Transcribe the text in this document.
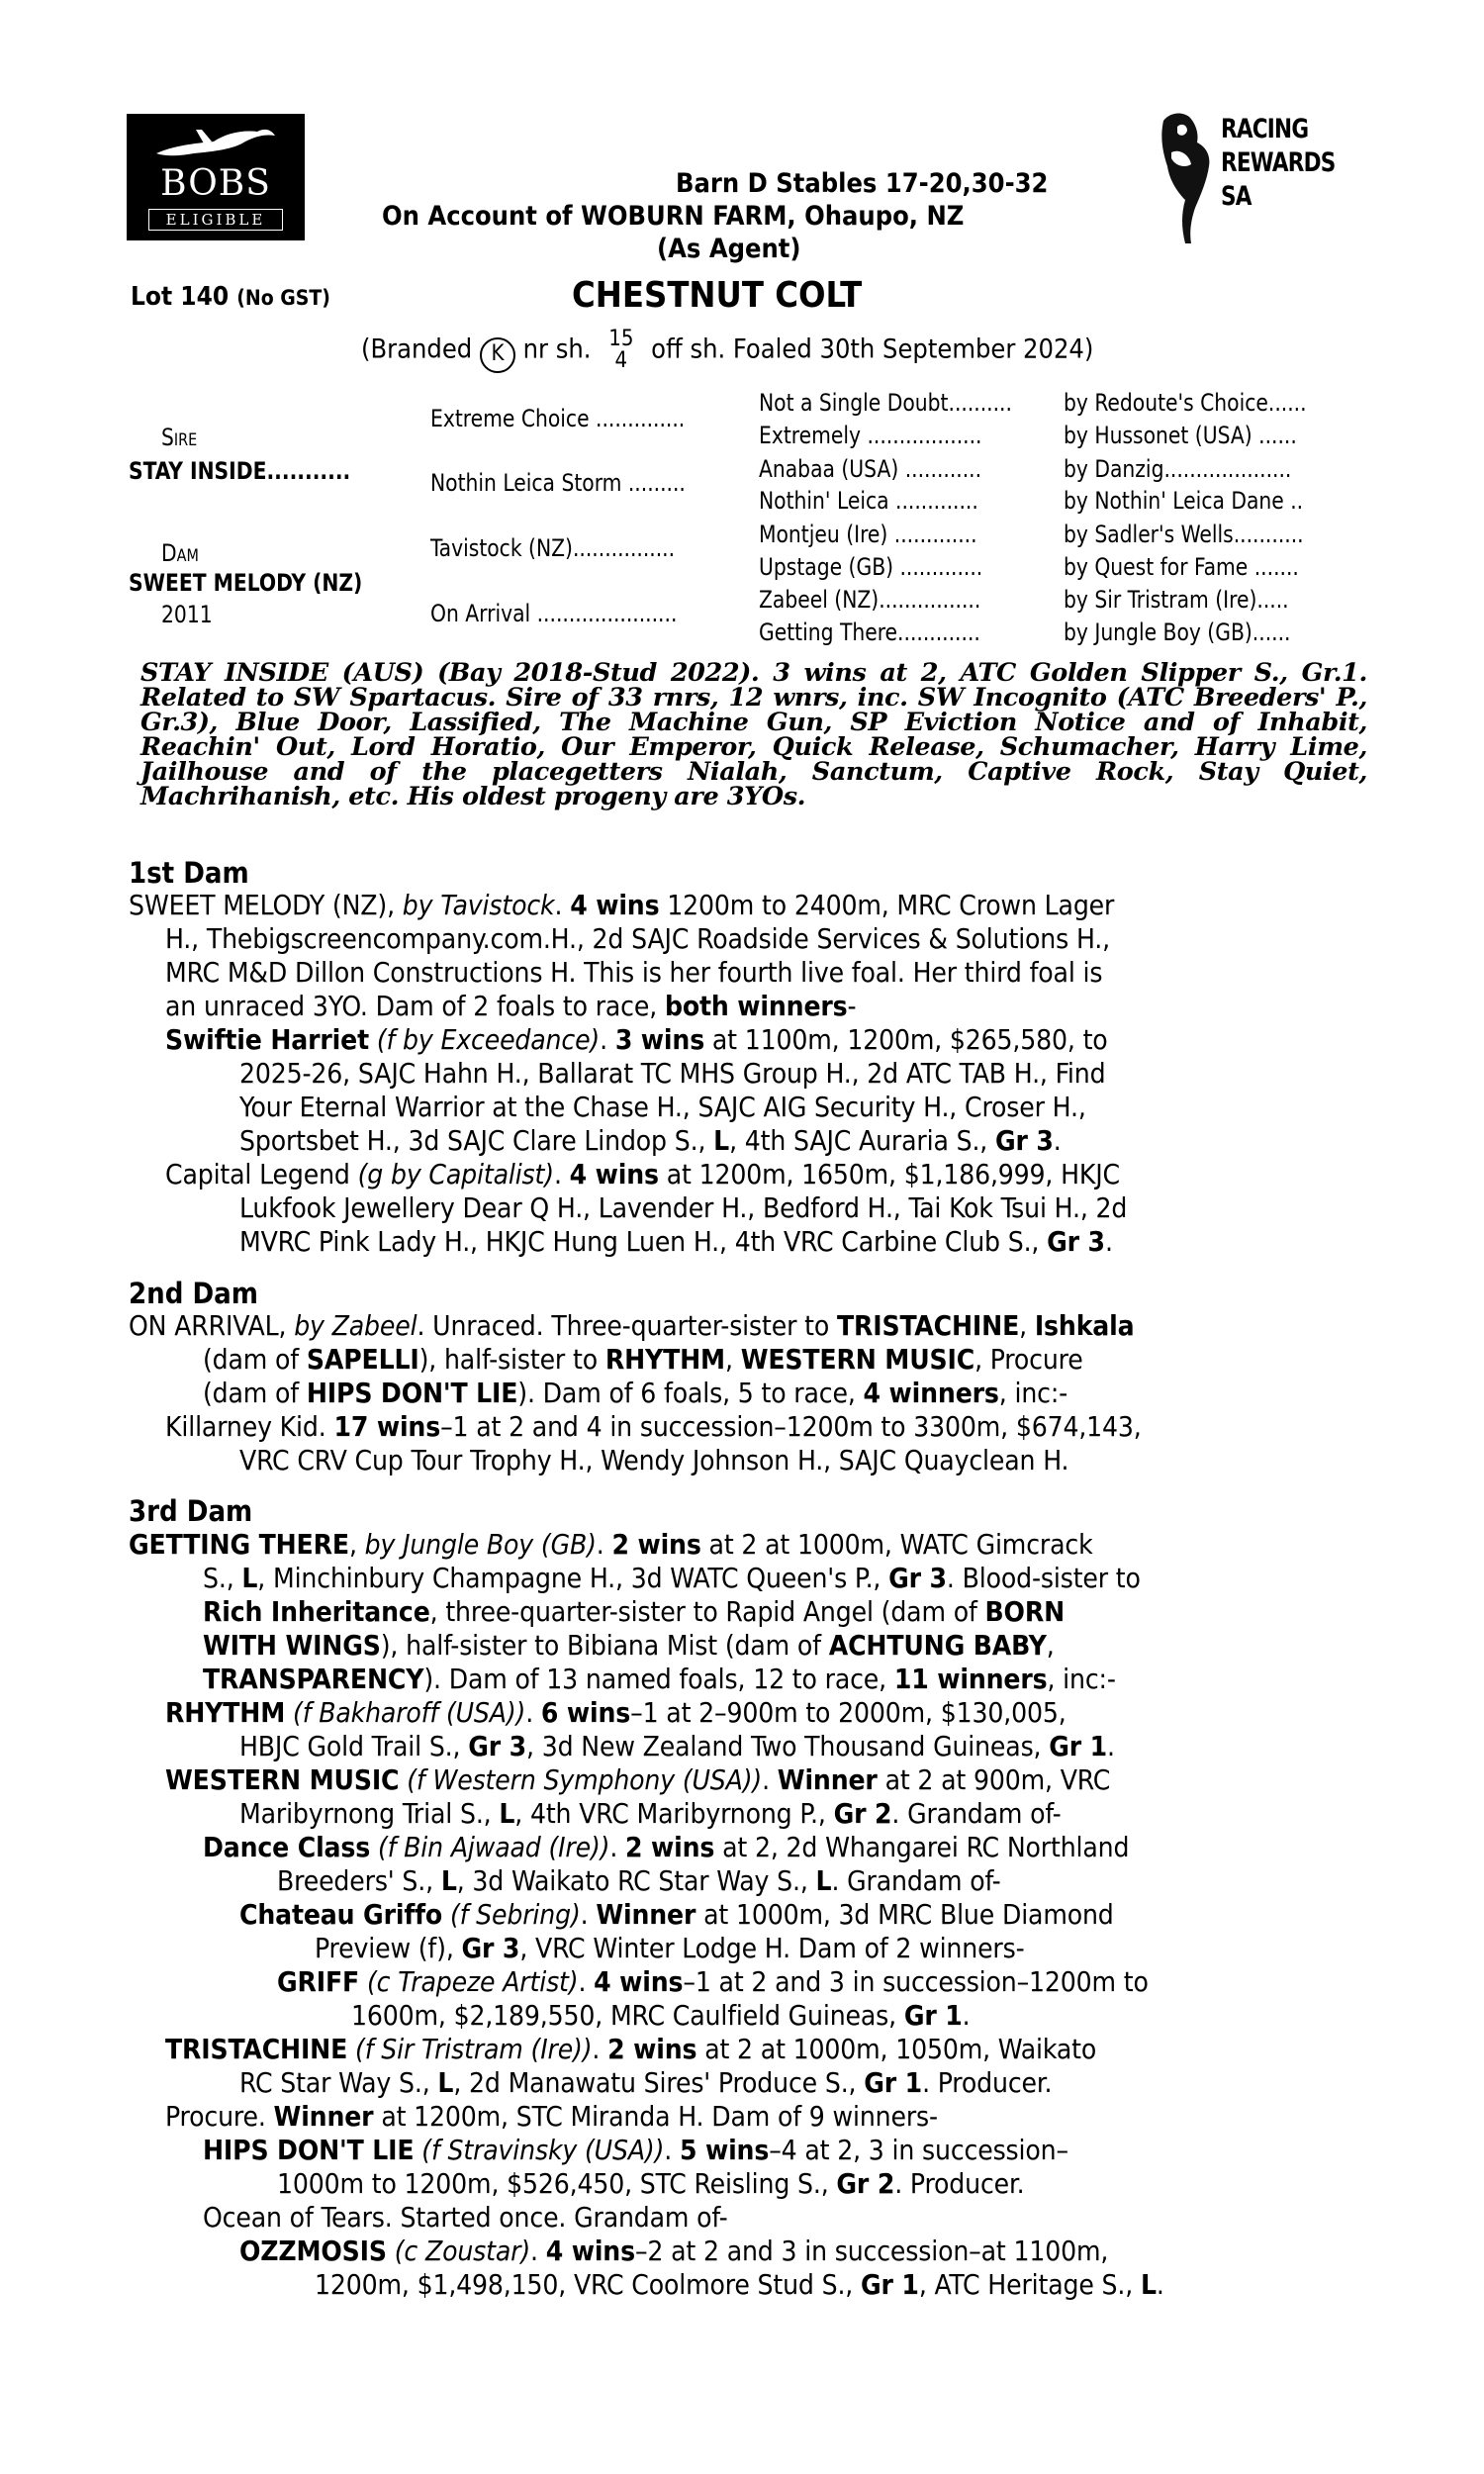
BOBS
ELIGIBLE
RACING
REWARDS
SA
Barn D Stables 17-20,30-32
On Account of WOBURN FARM, Ohaupo, NZ
(As Agent)
Lot 140 (No GST)	CHESTNUT COLT
(Branded K nr sh. 15
4 off sh. Foaled 30th September 2024)
Sire
STAY INSIDE...........
Dam
SWEET MELODY (NZ)
2011
Extreme Choice ..............
Nothin Leica Storm .........
Tavistock (NZ)................
On Arrival ......................
Not a Single Doubt..........
Extremely ..................
Anabaa (USA) ............
Nothin' Leica .............
Montjeu (Ire) .............
Upstage (GB) .............
Zabeel (NZ)................
Getting There.............
by Redoute's Choice......
by Hussonet (USA) ......
by Danzig....................
by Nothin' Leica Dane ..
by Sadler's Wells...........
by Quest for Fame .......
by Sir Tristram (Ire).....
by Jungle Boy (GB)......
STAY INSIDE (AUS) (Bay 2018-Stud 2022). 3 wins at 2, ATC Golden Slipper S., Gr.1. Related to SW Spartacus. Sire of 33 rnrs, 12 wnrs, inc. SW Incognito (ATC Breeders' P., Gr.3), Blue Door, Lassified, The Machine Gun, SP Eviction Notice and of Inhabit, Reachin' Out, Lord Horatio, Our Emperor, Quick Release, Schumacher, Harry Lime, Jailhouse and of the placegetters Nialah, Sanctum, Captive Rock, Stay Quiet, Machrihanish, etc. His oldest progeny are 3YOs.
1st Dam
SWEET MELODY (NZ), by Tavistock. 4 wins 1200m to 2400m, MRC Crown Lager
H., Thebigscreencompany.com.H., 2d SAJC Roadside Services & Solutions H.,
MRC M&D Dillon Constructions H. This is her fourth live foal. Her third foal is
an unraced 3YO. Dam of 2 foals to race, both winners-
Swiftie Harriet (f by Exceedance). 3 wins at 1100m, 1200m, $265,580, to
2025-26, SAJC Hahn H., Ballarat TC MHS Group H., 2d ATC TAB H., Find
Your Eternal Warrior at the Chase H., SAJC AIG Security H., Croser H.,
Sportsbet H., 3d SAJC Clare Lindop S., L, 4th SAJC Auraria S., Gr 3.
Capital Legend (g by Capitalist). 4 wins at 1200m, 1650m, $1,186,999, HKJC
Lukfook Jewellery Dear Q H., Lavender H., Bedford H., Tai Kok Tsui H., 2d
MVRC Pink Lady H., HKJC Hung Luen H., 4th VRC Carbine Club S., Gr 3.
2nd Dam
ON ARRIVAL, by Zabeel. Unraced. Three-quarter-sister to TRISTACHINE, Ishkala
(dam of SAPELLI), half-sister to RHYTHM, WESTERN MUSIC, Procure
(dam of HIPS DON'T LIE). Dam of 6 foals, 5 to race, 4 winners, inc:-
Killarney Kid. 17 wins–1 at 2 and 4 in succession–1200m to 3300m, $674,143,
VRC CRV Cup Tour Trophy H., Wendy Johnson H., SAJC Quayclean H.
3rd Dam
GETTING THERE, by Jungle Boy (GB). 2 wins at 2 at 1000m, WATC Gimcrack
S., L, Minchinbury Champagne H., 3d WATC Queen's P., Gr 3. Blood-sister to
Rich Inheritance, three-quarter-sister to Rapid Angel (dam of BORN
WITH WINGS), half-sister to Bibiana Mist (dam of ACHTUNG BABY,
TRANSPARENCY). Dam of 13 named foals, 12 to race, 11 winners, inc:-
RHYTHM (f Bakharoff (USA)). 6 wins–1 at 2–900m to 2000m, $130,005,
HBJC Gold Trail S., Gr 3, 3d New Zealand Two Thousand Guineas, Gr 1.
WESTERN MUSIC (f Western Symphony (USA)). Winner at 2 at 900m, VRC
Maribyrnong Trial S., L, 4th VRC Maribyrnong P., Gr 2. Grandam of-
Dance Class (f Bin Ajwaad (Ire)). 2 wins at 2, 2d Whangarei RC Northland
Breeders' S., L, 3d Waikato RC Star Way S., L. Grandam of-
Chateau Griffo (f Sebring). Winner at 1000m, 3d MRC Blue Diamond
Preview (f), Gr 3, VRC Winter Lodge H. Dam of 2 winners-
GRIFF (c Trapeze Artist). 4 wins–1 at 2 and 3 in succession–1200m to
1600m, $2,189,550, MRC Caulfield Guineas, Gr 1.
TRISTACHINE (f Sir Tristram (Ire)). 2 wins at 2 at 1000m, 1050m, Waikato
RC Star Way S., L, 2d Manawatu Sires' Produce S., Gr 1. Producer.
Procure. Winner at 1200m, STC Miranda H. Dam of 9 winners-
HIPS DON'T LIE (f Stravinsky (USA)). 5 wins–4 at 2, 3 in succession–
1000m to 1200m, $526,450, STC Reisling S., Gr 2. Producer.
Ocean of Tears. Started once. Grandam of-
OZZMOSIS (c Zoustar). 4 wins–2 at 2 and 3 in succession–at 1100m,
1200m, $1,498,150, VRC Coolmore Stud S., Gr 1, ATC Heritage S., L.
